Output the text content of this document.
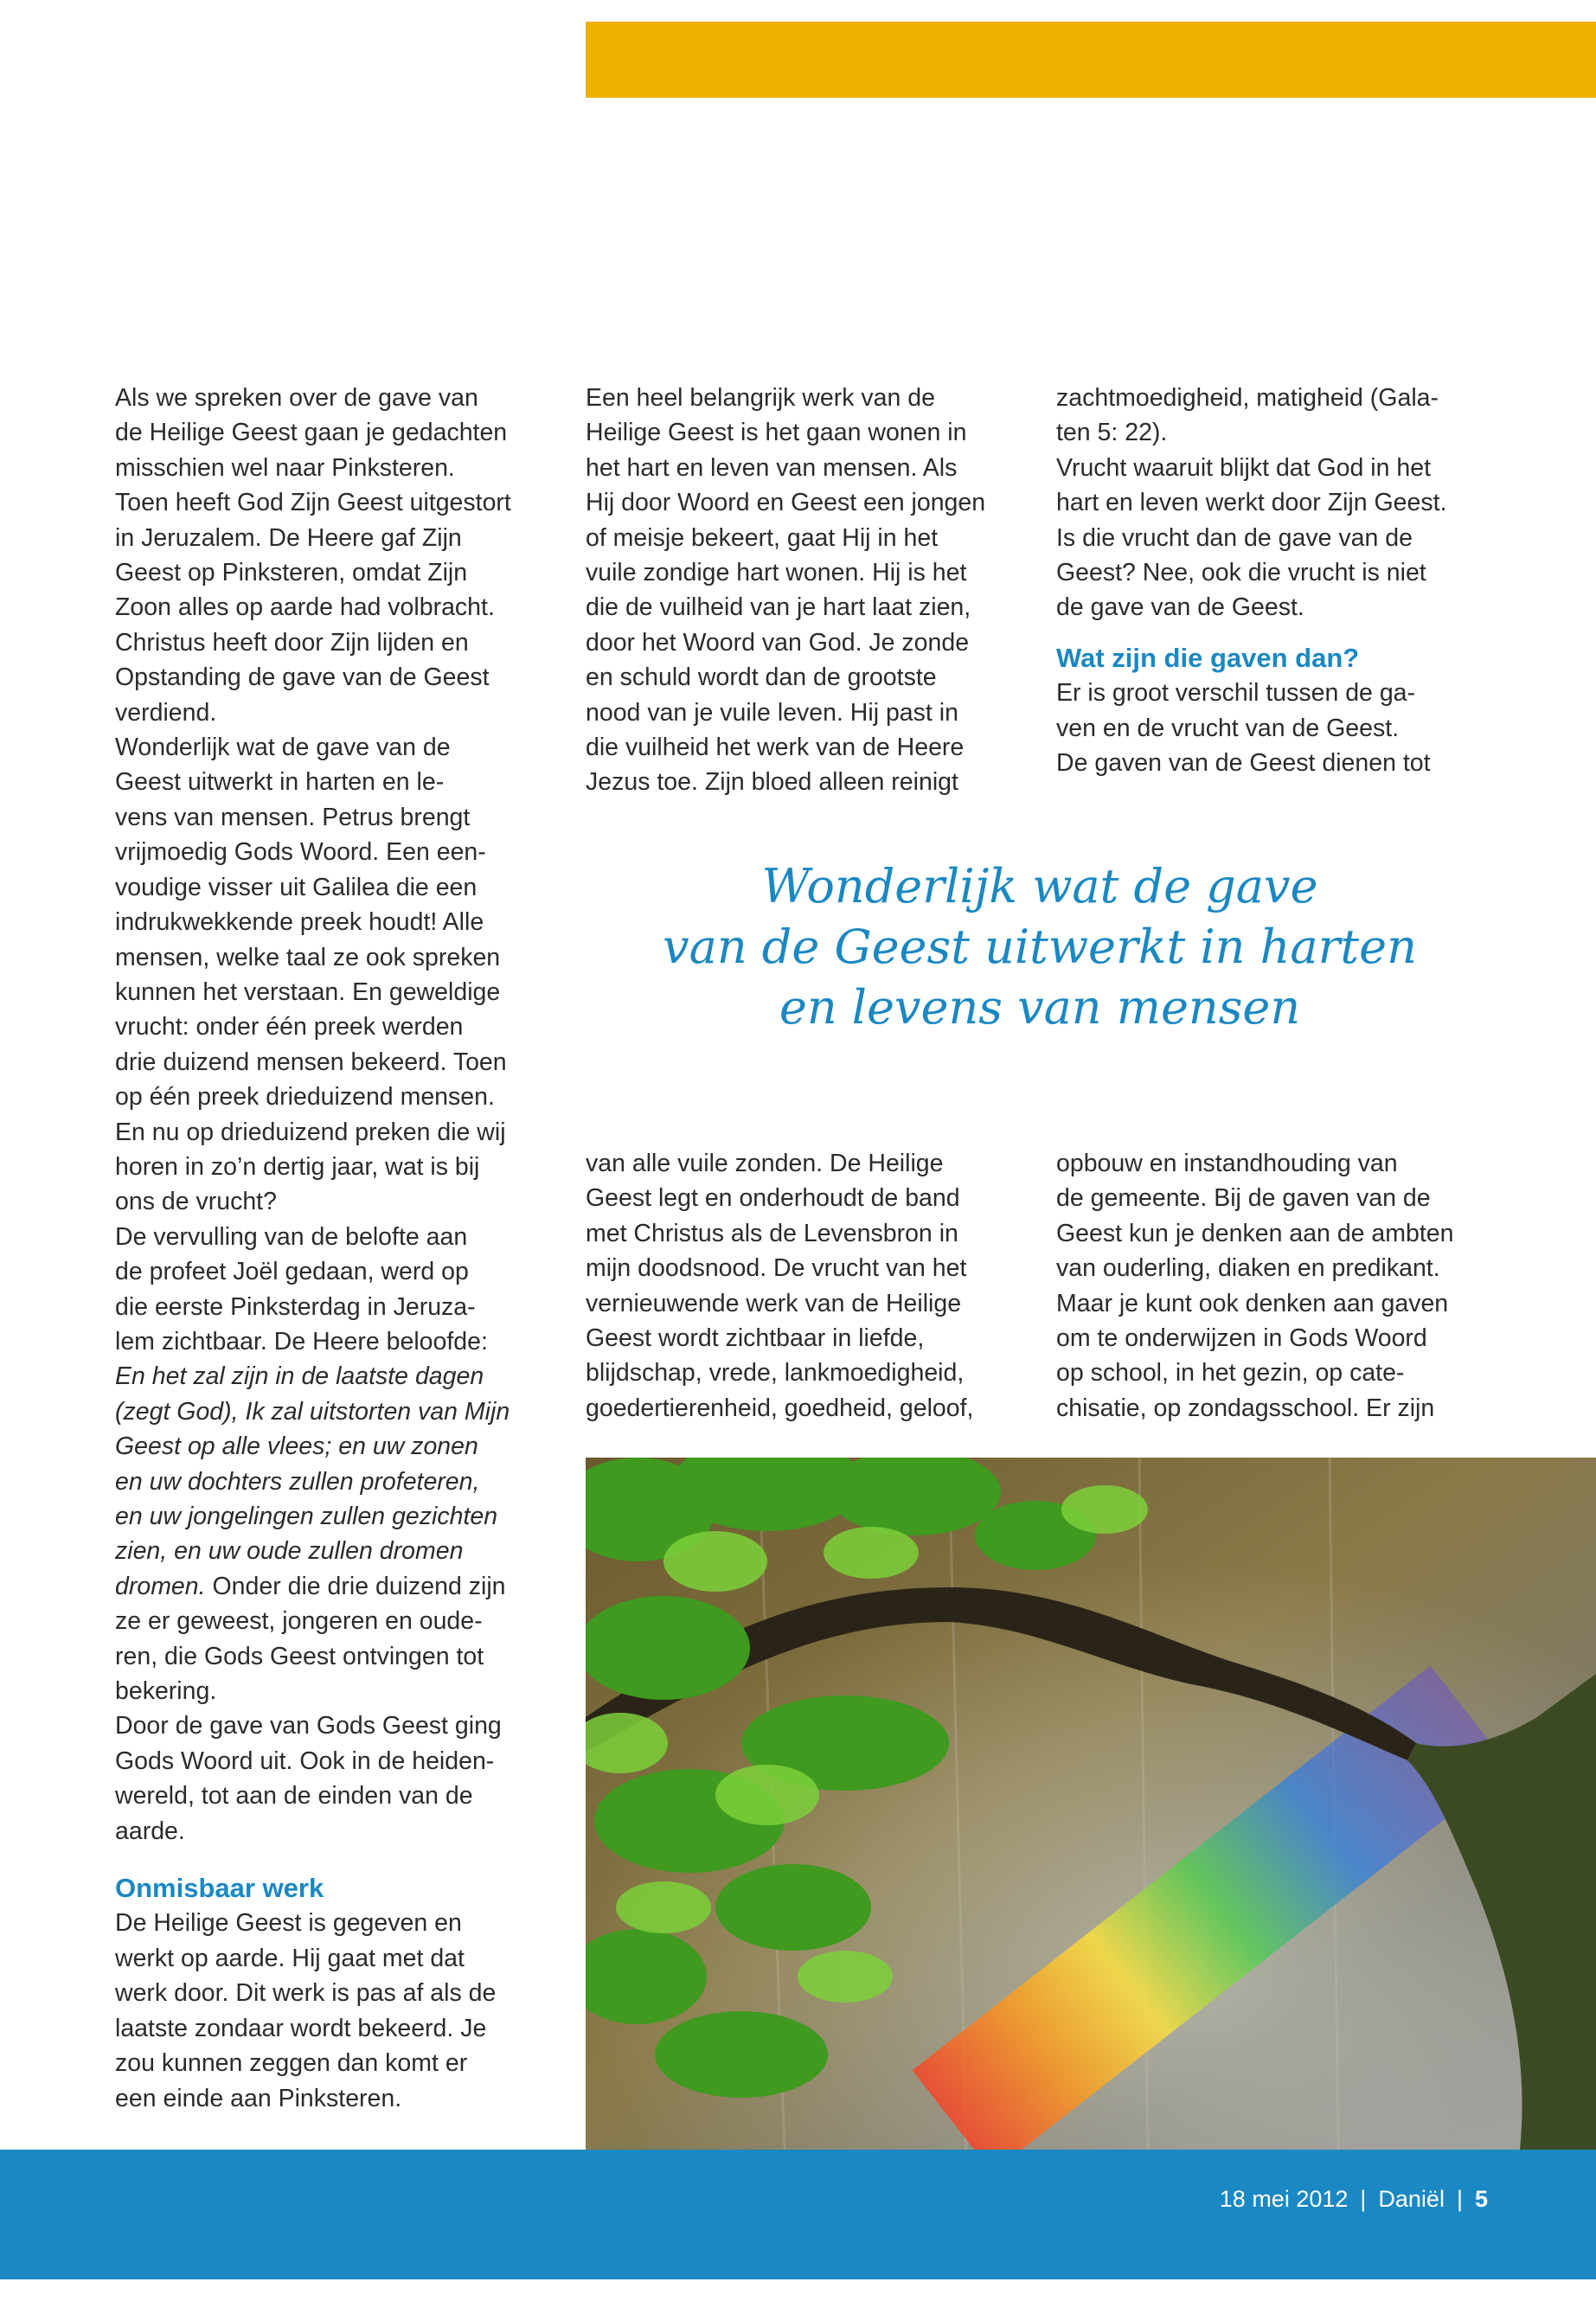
Als we spreken over de gave van

de Heilige Geest gaan je gedachten

misschien wel naar Pinksteren.

Toen heeft God Zijn Geest uitgestort

in Jeruzalem. De Heere gaf Zijn

Geest op Pinksteren, omdat Zijn

Zoon alles op aarde had volbracht.

Christus heeft door Zijn lijden en

Opstanding de gave van de Geest

verdiend.

Wonderlijk wat de gave van de

Geest uitwerkt in harten en le-

vens van mensen. Petrus brengt

vrijmoedig Gods Woord. Een een-

voudige visser uit Galilea die een

indrukwekkende preek houdt! Alle

mensen, welke taal ze ook spreken

kunnen het verstaan. En geweldige

vrucht: onder één preek werden

drie duizend mensen bekeerd. Toen

op één preek drieduizend mensen.

En nu op drieduizend preken die wij

horen in zo’n dertig jaar, wat is bij

ons de vrucht?

De vervulling van de belofte aan

de profeet Joël gedaan, werd op

die eerste Pinksterdag in Jeruza-

lem zichtbaar. De Heere beloofde:

En het zal zijn in de laatste dagen

(zegt God), Ik zal uitstorten van Mijn

Geest op alle vlees; en uw zonen

en uw dochters zullen profeteren,

en uw jongelingen zullen gezichten

zien, en uw oude zullen dromen

dromen. Onder die drie duizend zijn

ze er geweest, jongeren en oude-

ren, die Gods Geest ontvingen tot

bekering.

Door de gave van Gods Geest ging

Gods Woord uit. Ook in de heiden-

wereld, tot aan de einden van de

aarde.

Onmisbaar werk

De Heilige Geest is gegeven en

werkt op aarde. Hij gaat met dat

werk door. Dit werk is pas af als de

laatste zondaar wordt bekeerd. Je

zou kunnen zeggen dan komt er

een einde aan Pinksteren.

Een heel belangrijk werk van de

Heilige Geest is het gaan wonen in

het hart en leven van mensen. Als

Hij door Woord en Geest een jongen

of meisje bekeert, gaat Hij in het

vuile zondige hart wonen. Hij is het

die de vuilheid van je hart laat zien,

door het Woord van God. Je zonde

en schuld wordt dan de grootste

nood van je vuile leven. Hij past in

die vuilheid het werk van de Heere

Jezus toe. Zijn bloed alleen reinigt

zachtmoedigheid, matigheid (Gala-

ten 5: 22).

Vrucht waaruit blijkt dat God in het

hart en leven werkt door Zijn Geest.

Is die vrucht dan de gave van de

Geest? Nee, ook die vrucht is niet

de gave van de Geest.

Wat zijn die gaven dan?

Er is groot verschil tussen de ga-

ven en de vrucht van de Geest.

De gaven van de Geest dienen tot

Wonderlijk wat de gave
van de Geest uitwerkt in harten
en levens van mensen

van alle vuile zonden. De Heilige

Geest legt en onderhoudt de band

met Christus als de Levensbron in

mijn doodsnood. De vrucht van het

vernieuwende werk van de Heilige

Geest wordt zichtbaar in liefde,

blijdschap, vrede, lankmoedigheid,

goedertierenheid, goedheid, geloof,

opbouw en instandhouding van

de gemeente. Bij de gaven van de

Geest kun je denken aan de ambten

van ouderling, diaken en predikant.

Maar je kunt ook denken aan gaven

om te onderwijzen in Gods Woord

op school, in het gezin, op cate-

chisatie, op zondagsschool. Er zijn

18 mei 2012 | Daniël | 5
